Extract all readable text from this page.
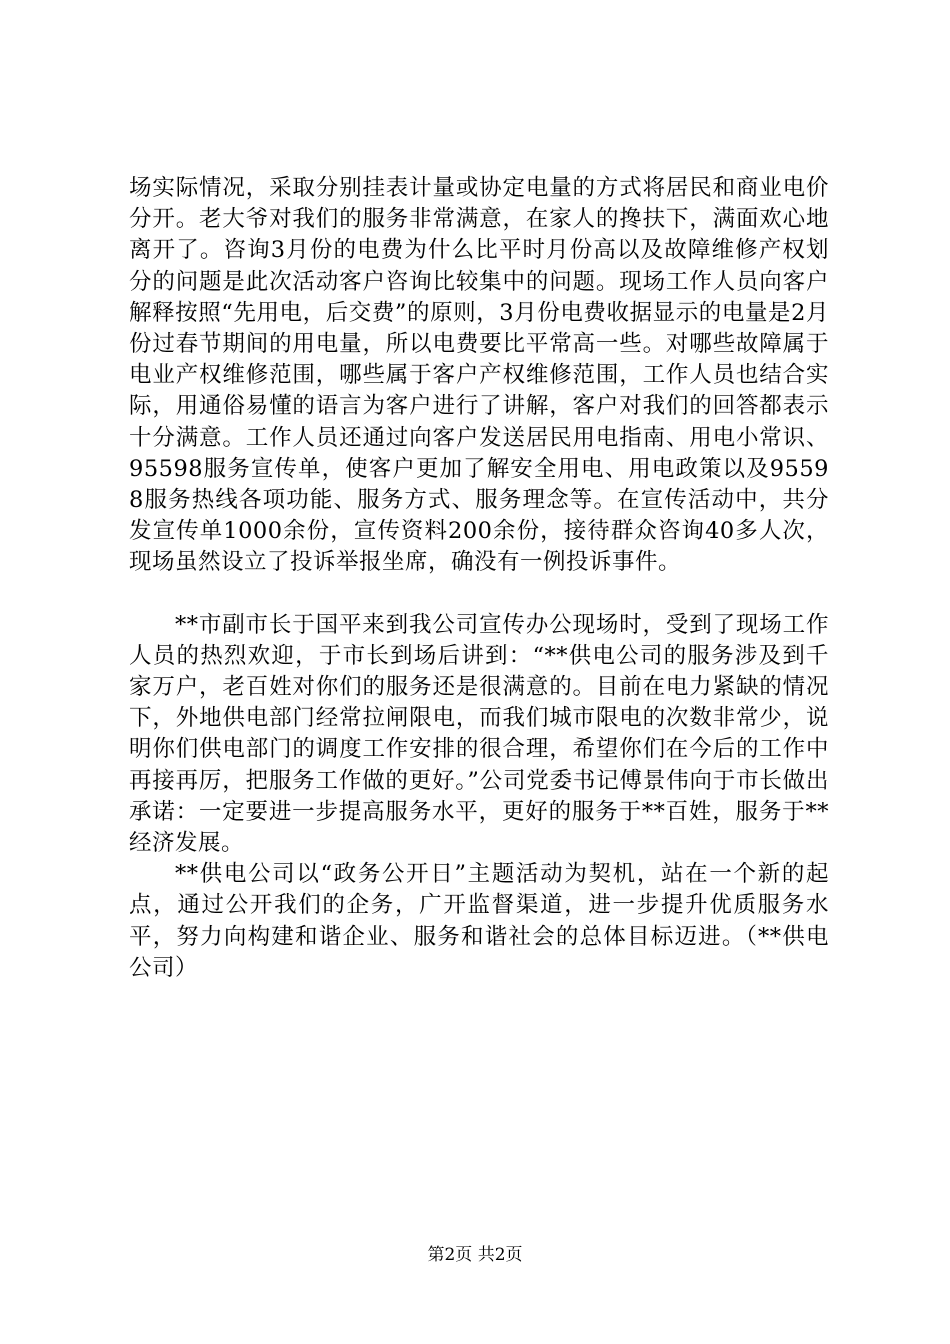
场实际情况，采取分别挂表计量或协定电量的方式将居民和商业电价分开。老大爷对我们的服务非常满意，在家人的搀扶下，满面欢心地离开了。咨询3月份的电费为什么比平时月份高以及故障维修产权划分的问题是此次活动客户咨询比较集中的问题。现场工作人员向客户解释按照“先用电，后交费”的原则，3月份电费收据显示的电量是2月份过春节期间的用电量，所以电费要比平常高一些。对哪些故障属于电业产权维修范围，哪些属于客户产权维修范围，工作人员也结合实际，用通俗易懂的语言为客户进行了讲解，客户对我们的回答都表示十分满意。工作人员还通过向客户发送居民用电指南、用电小常识、95598服务宣传单，使客户更加了解安全用电、用电政策以及95598服务热线各项功能、服务方式、服务理念等。在宣传活动中，共分发宣传单1000余份，宣传资料200余份，接待群众咨询40多人次，现场虽然设立了投诉举报坐席，确没有一例投诉事件。

**市副市长于国平来到我公司宣传办公现场时，受到了现场工作人员的热烈欢迎，于市长到场后讲到：“**供电公司的服务涉及到千家万户，老百姓对你们的服务还是很满意的。目前在电力紧缺的情况下，外地供电部门经常拉闸限电，而我们城市限电的次数非常少，说明你们供电部门的调度工作安排的很合理，希望你们在今后的工作中再接再厉，把服务工作做的更好。”公司党委书记傅景伟向于市长做出承诺：一定要进一步提高服务水平，更好的服务于**百姓，服务于**经济发展。

**供电公司以“政务公开日”主题活动为契机，站在一个新的起点，通过公开我们的企务，广开监督渠道，进一步提升优质服务水平，努力向构建和谐企业、服务和谐社会的总体目标迈进。（**供电公司）

第2页 共2页
